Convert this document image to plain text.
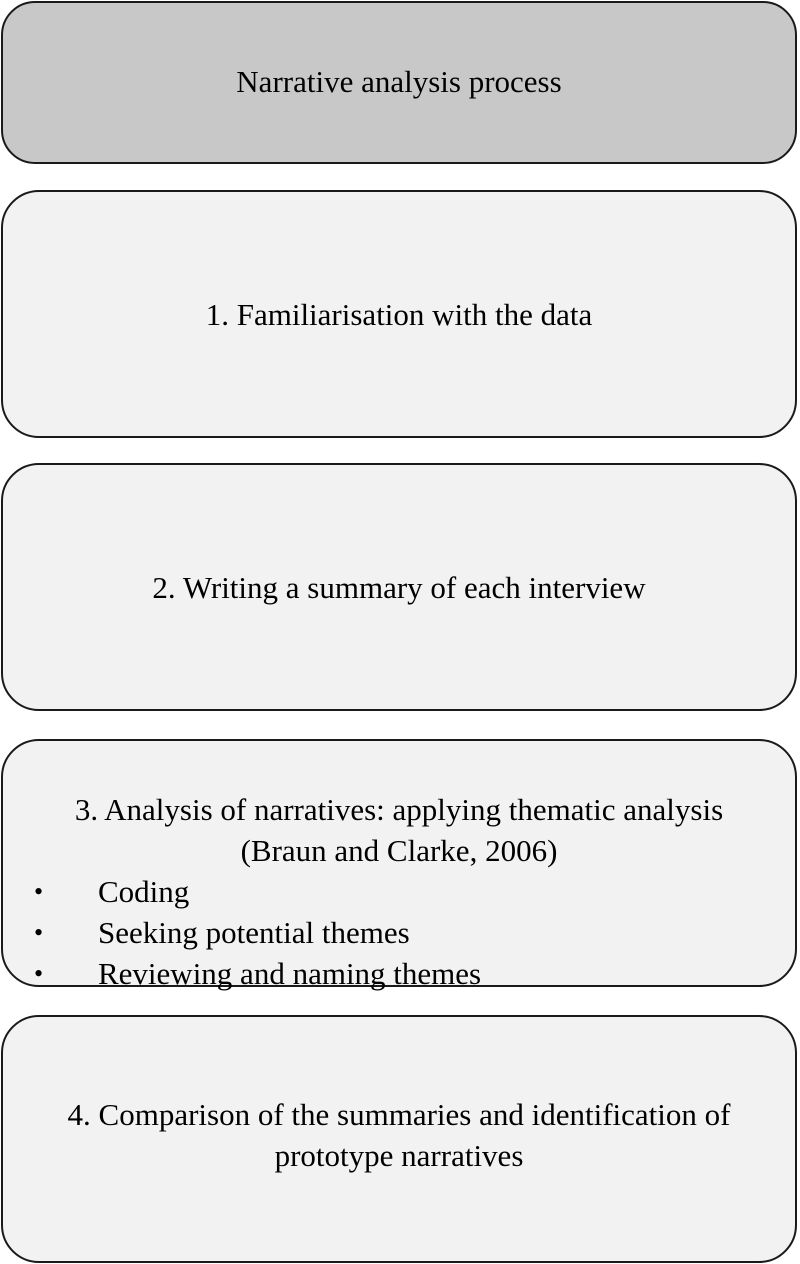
Narrative analysis process
1. Familiarisation with the data
2. Writing a summary of each interview
3. Analysis of narratives: applying thematic analysis
(Braun and Clarke, 2006)
• Coding
• Seeking potential themes
• Reviewing and naming themes
4. Comparison of the summaries and identification of prototype narratives
